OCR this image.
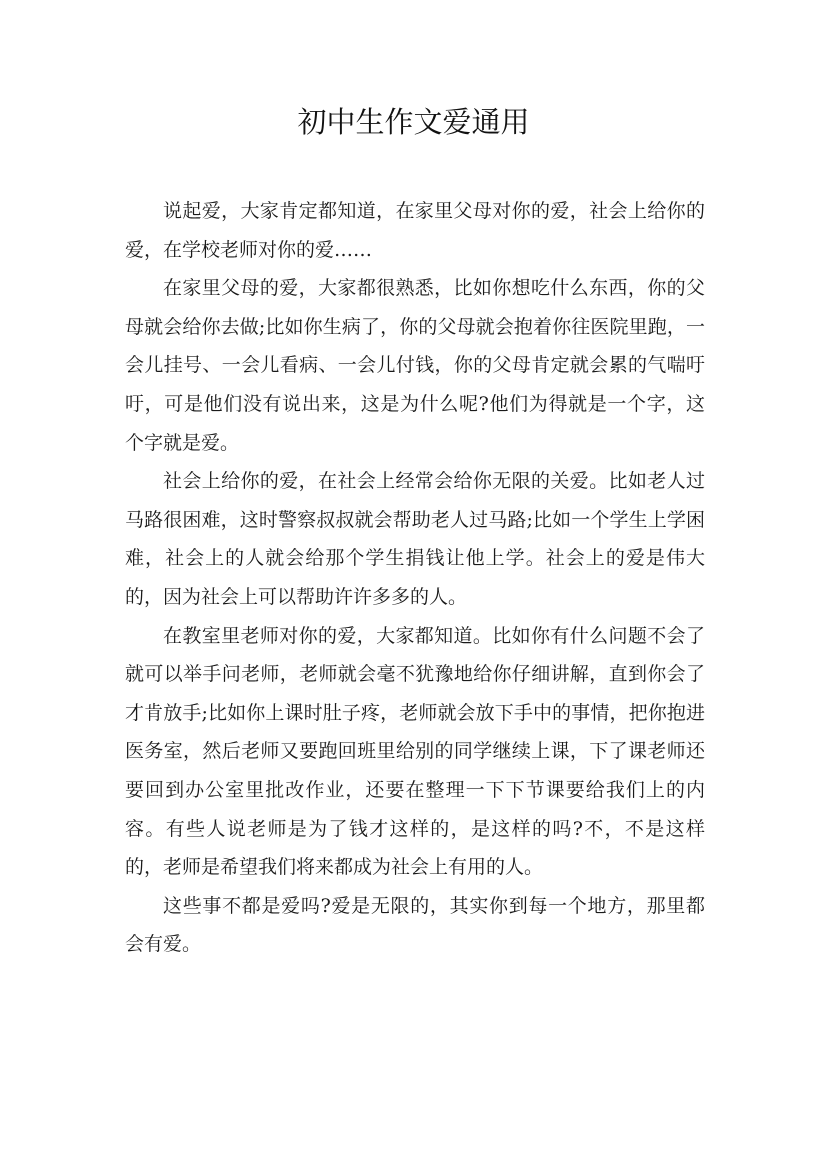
初中生作文爱通用

说起爱，大家肯定都知道，在家里父母对你的爱，社会上给你的爱，在学校老师对你的爱……

在家里父母的爱，大家都很熟悉，比如你想吃什么东西，你的父母就会给你去做;比如你生病了，你的父母就会抱着你往医院里跑，一会儿挂号、一会儿看病、一会儿付钱，你的父母肯定就会累的气喘吁吁，可是他们没有说出来，这是为什么呢?他们为得就是一个字，这个字就是爱。

社会上给你的爱，在社会上经常会给你无限的关爱。比如老人过马路很困难，这时警察叔叔就会帮助老人过马路;比如一个学生上学困难，社会上的人就会给那个学生捐钱让他上学。社会上的爱是伟大的，因为社会上可以帮助许许多多的人。

在教室里老师对你的爱，大家都知道。比如你有什么问题不会了就可以举手问老师，老师就会毫不犹豫地给你仔细讲解，直到你会了才肯放手;比如你上课时肚子疼，老师就会放下手中的事情，把你抱进医务室，然后老师又要跑回班里给别的同学继续上课，下了课老师还要回到办公室里批改作业，还要在整理一下下节课要给我们上的内容。有些人说老师是为了钱才这样的，是这样的吗?不，不是这样的，老师是希望我们将来都成为社会上有用的人。

这些事不都是爱吗?爱是无限的，其实你到每一个地方，那里都会有爱。
